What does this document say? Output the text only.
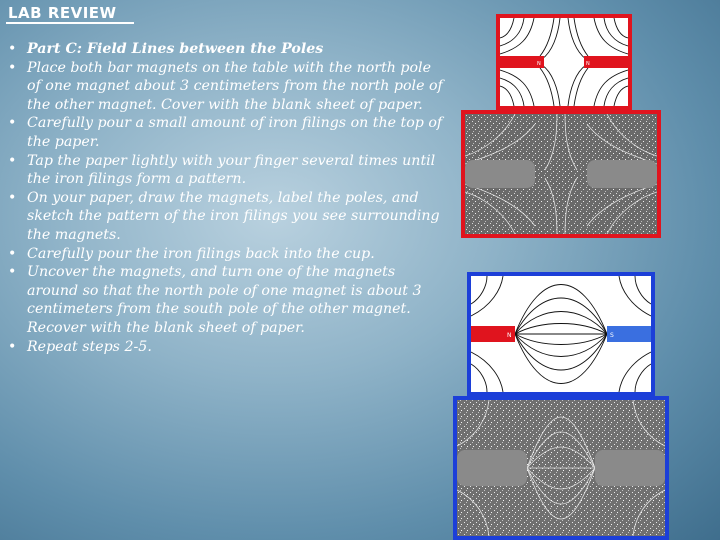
LAB REVIEW
• Part C: Field Lines between the Poles
• Place both bar magnets on the table with the north pole of one magnet about 3 centimeters from the north pole of the other magnet. Cover with the blank sheet of paper.
• Carefully pour a small amount of iron filings on the top of the paper.
• Tap the paper lightly with your finger several times until the iron filings form a pattern.
• On your paper, draw the magnets, label the poles, and sketch the pattern of the iron filings you see surrounding the magnets.
• Carefully pour the iron filings back into the cup.
• Uncover the magnets, and turn one of the magnets around so that the north pole of one magnet is about 3 centimeters from the south pole of the other magnet. Recover with the blank sheet of paper.
• Repeat steps 2-5.
N	N
N	S
